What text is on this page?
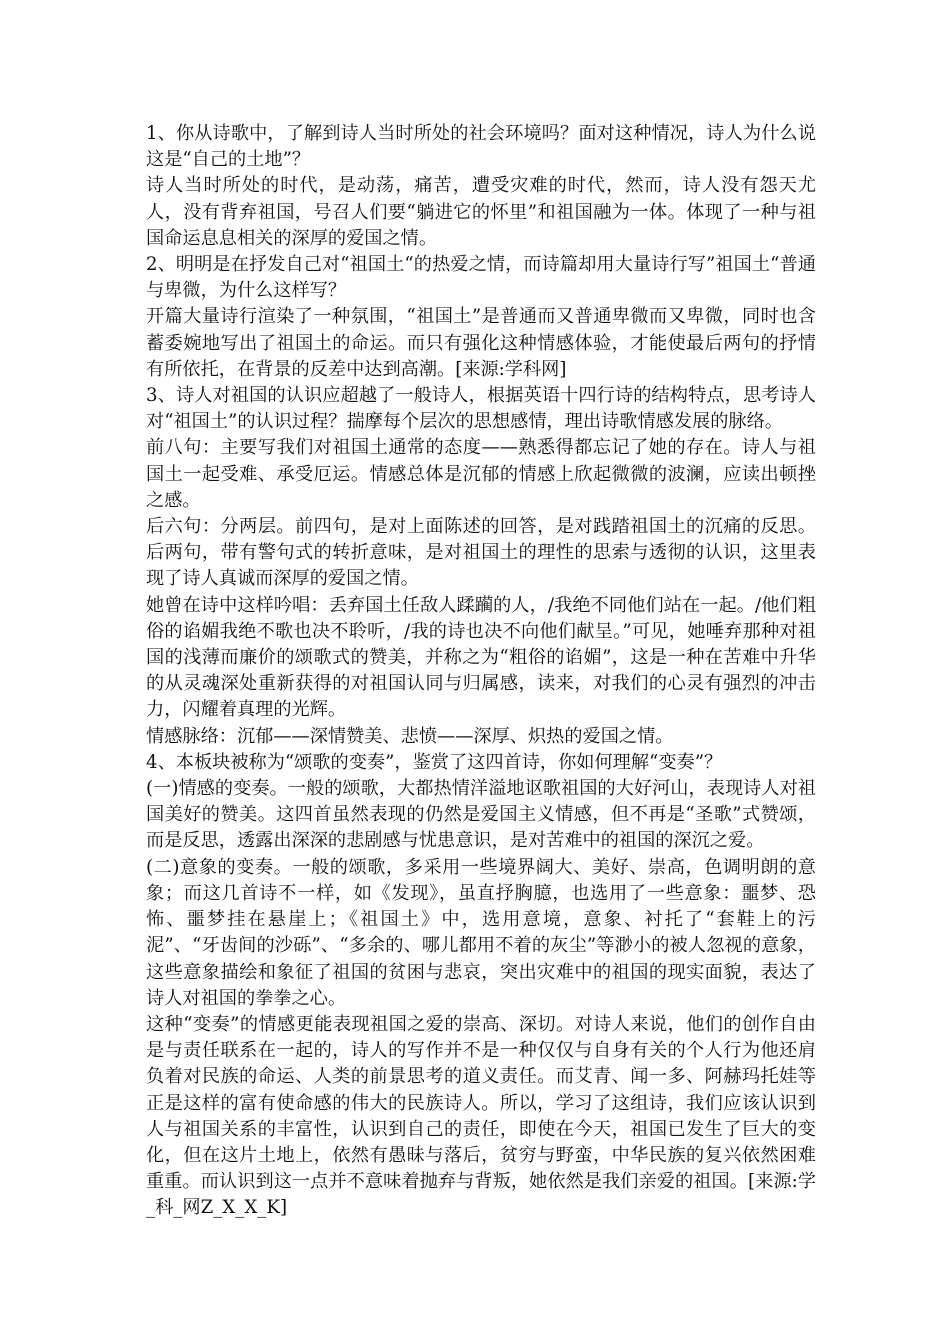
1、你从诗歌中，了解到诗人当时所处的社会环境吗？面对这种情况，诗人为什么说这是“自己的土地”？

诗人当时所处的时代，是动荡，痛苦，遭受灾难的时代，然而，诗人没有怨天尤人，没有背弃祖国，号召人们要“躺进它的怀里”和祖国融为一体。体现了一种与祖国命运息息相关的深厚的爱国之情。

2、明明是在抒发自己对“祖国土“的热爱之情，而诗篇却用大量诗行写”祖国土“普通与卑微，为什么这样写？

开篇大量诗行渲染了一种氛围，“祖国土”是普通而又普通卑微而又卑微，同时也含蓄委婉地写出了祖国土的命运。而只有强化这种情感体验，才能使最后两句的抒情有所依托，在背景的反差中达到高潮。[来源:学科网]

3、诗人对祖国的认识应超越了一般诗人，根据英语十四行诗的结构特点，思考诗人对“祖国土”的认识过程？揣摩每个层次的思想感情，理出诗歌情感发展的脉络。

前八句：主要写我们对祖国土通常的态度——熟悉得都忘记了她的存在。诗人与祖国土一起受难、承受厄运。情感总体是沉郁的情感上欣起微微的波澜，应读出顿挫之感。

后六句：分两层。前四句，是对上面陈述的回答，是对践踏祖国土的沉痛的反思。后两句，带有警句式的转折意味，是对祖国土的理性的思索与透彻的认识，这里表现了诗人真诚而深厚的爱国之情。

她曾在诗中这样吟唱：丢弃国土任敌人蹂躏的人，/我绝不同他们站在一起。/他们粗俗的谄媚我绝不歌也决不聆听，/我的诗也决不向他们献呈。”可见，她唾弃那种对祖国的浅薄而廉价的颂歌式的赞美，并称之为“粗俗的谄媚”，这是一种在苦难中升华的从灵魂深处重新获得的对祖国认同与归属感，读来，对我们的心灵有强烈的冲击力，闪耀着真理的光辉。

情感脉络：沉郁——深情赞美、悲愤——深厚、炽热的爱国之情。

4、本板块被称为“颂歌的变奏”，鉴赏了这四首诗，你如何理解“变奏”？

(一)情感的变奏。一般的颂歌，大都热情洋溢地讴歌祖国的大好河山，表现诗人对祖国美好的赞美。这四首虽然表现的仍然是爱国主义情感，但不再是“圣歌”式赞颂，而是反思，透露出深深的悲剧感与忧患意识，是对苦难中的祖国的深沉之爱。

(二)意象的变奏。一般的颂歌，多采用一些境界阔大、美好、崇高，色调明朗的意象；而这几首诗不一样，如《发现》，虽直抒胸臆，也选用了一些意象：噩梦、恐怖、噩梦挂在悬崖上；《祖国土》中，选用意境，意象、衬托了“套鞋上的污泥”、“牙齿间的沙砾”、“多余的、哪儿都用不着的灰尘”等渺小的被人忽视的意象，这些意象描绘和象征了祖国的贫困与悲哀，突出灾难中的祖国的现实面貌，表达了诗人对祖国的拳拳之心。

这种“变奏”的情感更能表现祖国之爱的崇高、深切。对诗人来说，他们的创作自由是与责任联系在一起的，诗人的写作并不是一种仅仅与自身有关的个人行为他还肩负着对民族的命运、人类的前景思考的道义责任。而艾青、闻一多、阿赫玛托娃等正是这样的富有使命感的伟大的民族诗人。所以，学习了这组诗，我们应该认识到人与祖国关系的丰富性，认识到自己的责任，即使在今天，祖国已发生了巨大的变化，但在这片土地上，依然有愚昧与落后，贫穷与野蛮，中华民族的复兴依然困难重重。而认识到这一点并不意味着抛弃与背叛，她依然是我们亲爱的祖国。[来源:学_科_网Z_X_X_K]
